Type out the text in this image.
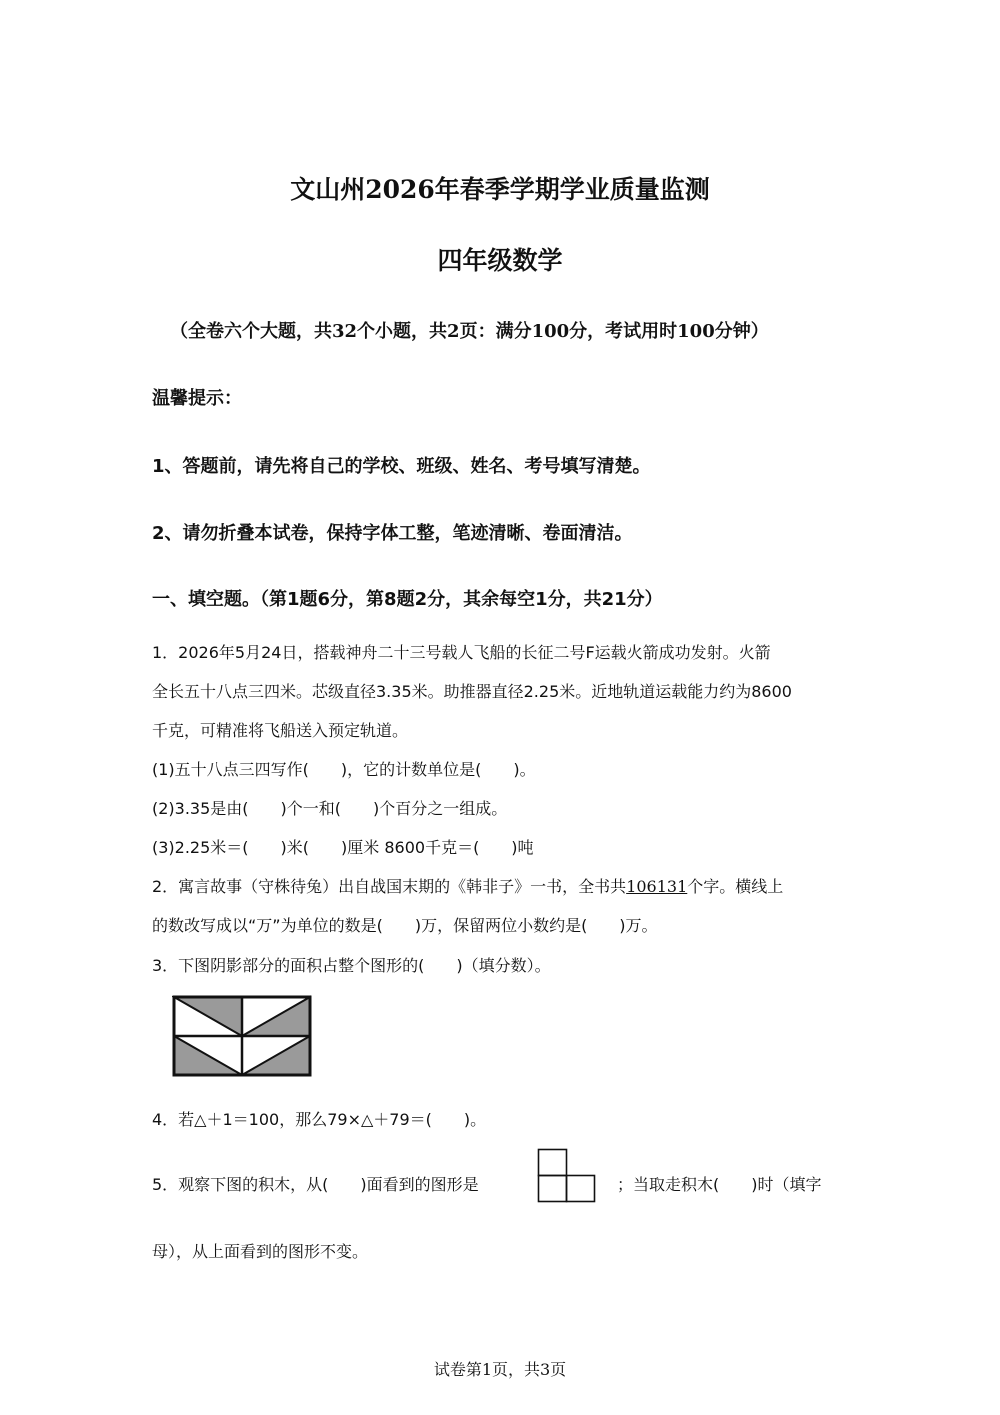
文山州2026年春季学期学业质量监测
四年级数学
（全卷六个大题，共32个小题，共2页：满分100分，考试用时100分钟）
温馨提示：
1、答题前，请先将自己的学校、班级、姓名、考号填写清楚。
2、请勿折叠本试卷，保持字体工整，笔迹清晰、卷面清洁。
一、填空题。（第1题6分，第8题2分，其余每空1分，共21分）
1．2026年5月24日，搭载神舟二十三号载人飞船的长征二号F运载火箭成功发射。火箭
全长五十八点三四米。芯级直径3.35米。助推器直径2.25米。近地轨道运载能力约为8600
千克，可精准将飞船送入预定轨道。
(1)五十八点三四写作(　　)，它的计数单位是(　　)。
(2)3.35是由(　　)个一和(　　)个百分之一组成。
(3)2.25米＝(　　)米(　　)厘米 8600千克＝(　　)吨
2．寓言故事（守株待兔）出自战国末期的《韩非子》一书，全书共106131个字。横线上
的数改写成以“万”为单位的数是(　　)万，保留两位小数约是(　　)万。
3．下图阴影部分的面积占整个图形的(　　)（填分数）。
4．若△＋1＝100，那么79×△＋79＝(　　)。
5．观察下图的积木，从(　　)面看到的图形是	；当取走积木(　　)时（填字
母），从上面看到的图形不变。
试卷第1页，共3页
